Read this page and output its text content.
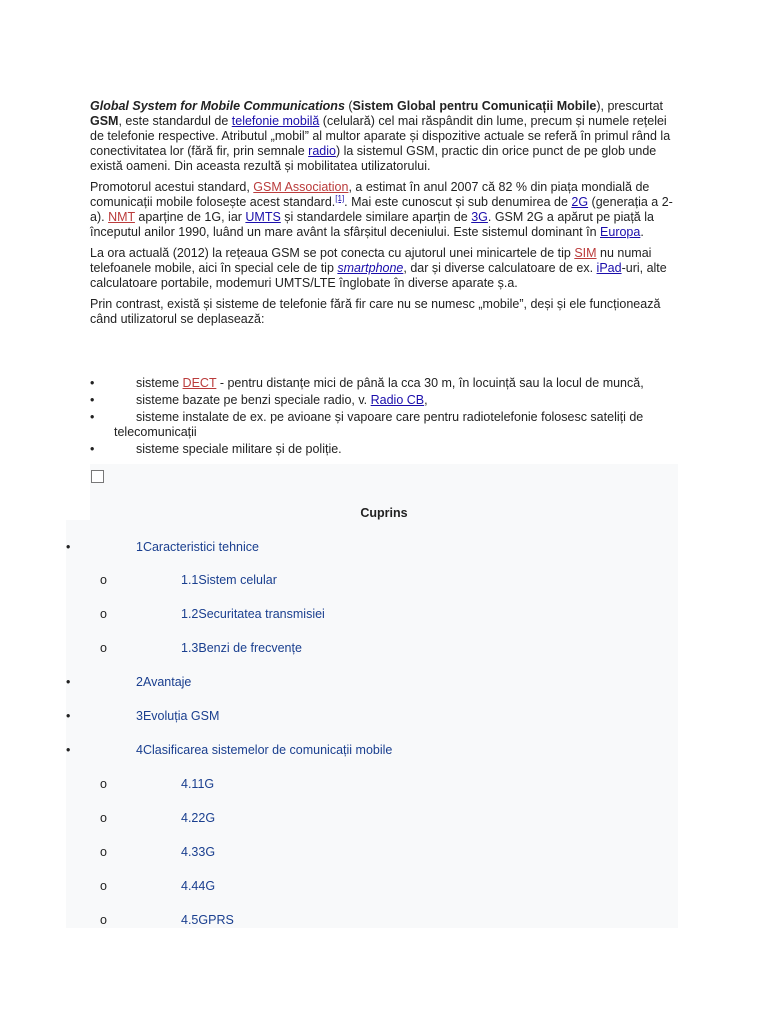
Global System for Mobile Communications (Sistem Global pentru Comunicații Mobile), prescurtat GSM, este standardul de telefonie mobilă (celulară) cel mai răspândit din lume, precum și numele rețelei de telefonie respective. Atributul „mobil” al multor aparate și dispozitive actuale se referă în primul rând la conectivitatea lor (fără fir, prin semnale radio) la sistemul GSM, practic din orice punct de pe glob unde există oameni. Din aceasta rezultă și mobilitatea utilizatorului.

Promotorul acestui standard, GSM Association, a estimat în anul 2007 că 82 % din piața mondială de comunicații mobile folosește acest standard.[1]. Mai este cunoscut și sub denumirea de 2G (generația a 2-a). NMT aparține de 1G, iar UMTS și standardele similare aparțin de 3G. GSM 2G a apărut pe piață la începutul anilor 1990, luând un mare avânt la sfârșitul deceniului. Este sistemul dominant în Europa.

La ora actuală (2012) la rețeaua GSM se pot conecta cu ajutorul unei minicartele de tip SIM nu numai telefoanele mobile, aici în special cele de tip smartphone, dar și diverse calculatoare de ex. iPad-uri, alte calculatoare portabile, modemuri UMTS/LTE înglobate în diverse aparate ș.a.

Prin contrast, există și sisteme de telefonie fără fir care nu se numesc „mobile”, deși și ele funcționează când utilizatorul se deplasează:

•	sisteme DECT - pentru distanțe mici de până la cca 30 m, în locuință sau la locul de muncă,
•	sisteme bazate pe benzi speciale radio, v. Radio CB,
•	sisteme instalate de ex. pe avioane și vapoare care pentru radiotelefonie folosesc sateliți de telecomunicații
•	sisteme speciale militare și de poliție.
Cuprins
•	1Caracteristici tehnice
o	1.1Sistem celular
o	1.2Securitatea transmisiei
o	1.3Benzi de frecvențe
•	2Avantaje
•	3Evoluția GSM
•	4Clasificarea sistemelor de comunicații mobile
o	4.11G
o	4.22G
o	4.33G
o	4.44G
o	4.5GPRS
